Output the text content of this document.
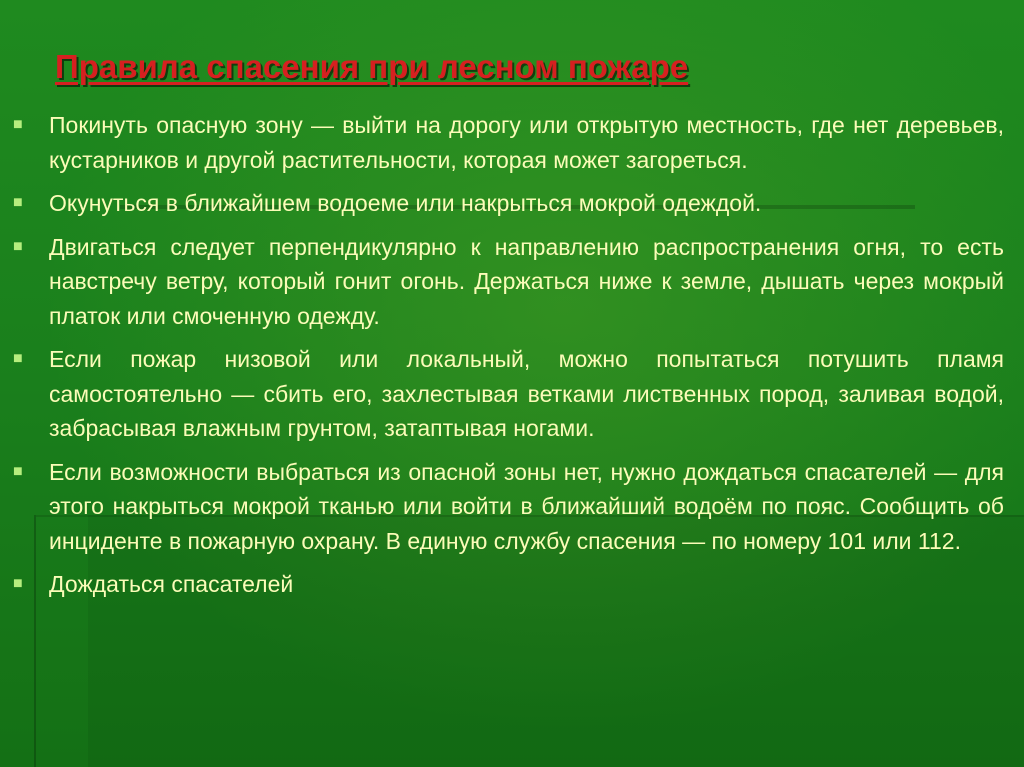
Правила спасения при лесном пожаре
■	Покинуть опасную зону — выйти на дорогу или открытую местность, где нет деревьев, кустарников и другой растительности, которая может загореться.
■	Окунуться в ближайшем водоеме или накрыться мокрой одеждой.
■	Двигаться следует перпендикулярно к направлению распространения огня, то есть навстречу ветру, который гонит огонь. Держаться ниже к земле, дышать через мокрый платок или смоченную одежду.
■	Если пожар низовой или локальный, можно попытаться потушить пламя самостоятельно — сбить его, захлестывая ветками лиственных пород, заливая водой, забрасывая влажным грунтом, затаптывая ногами.
■	Если возможности выбраться из опасной зоны нет, нужно дождаться спасателей — для этого накрыться мокрой тканью или войти в ближайший водоём по пояс. Сообщить об инциденте в пожарную охрану. В единую службу спасения — по номеру 101 или 112.
■	Дождаться спасателей
